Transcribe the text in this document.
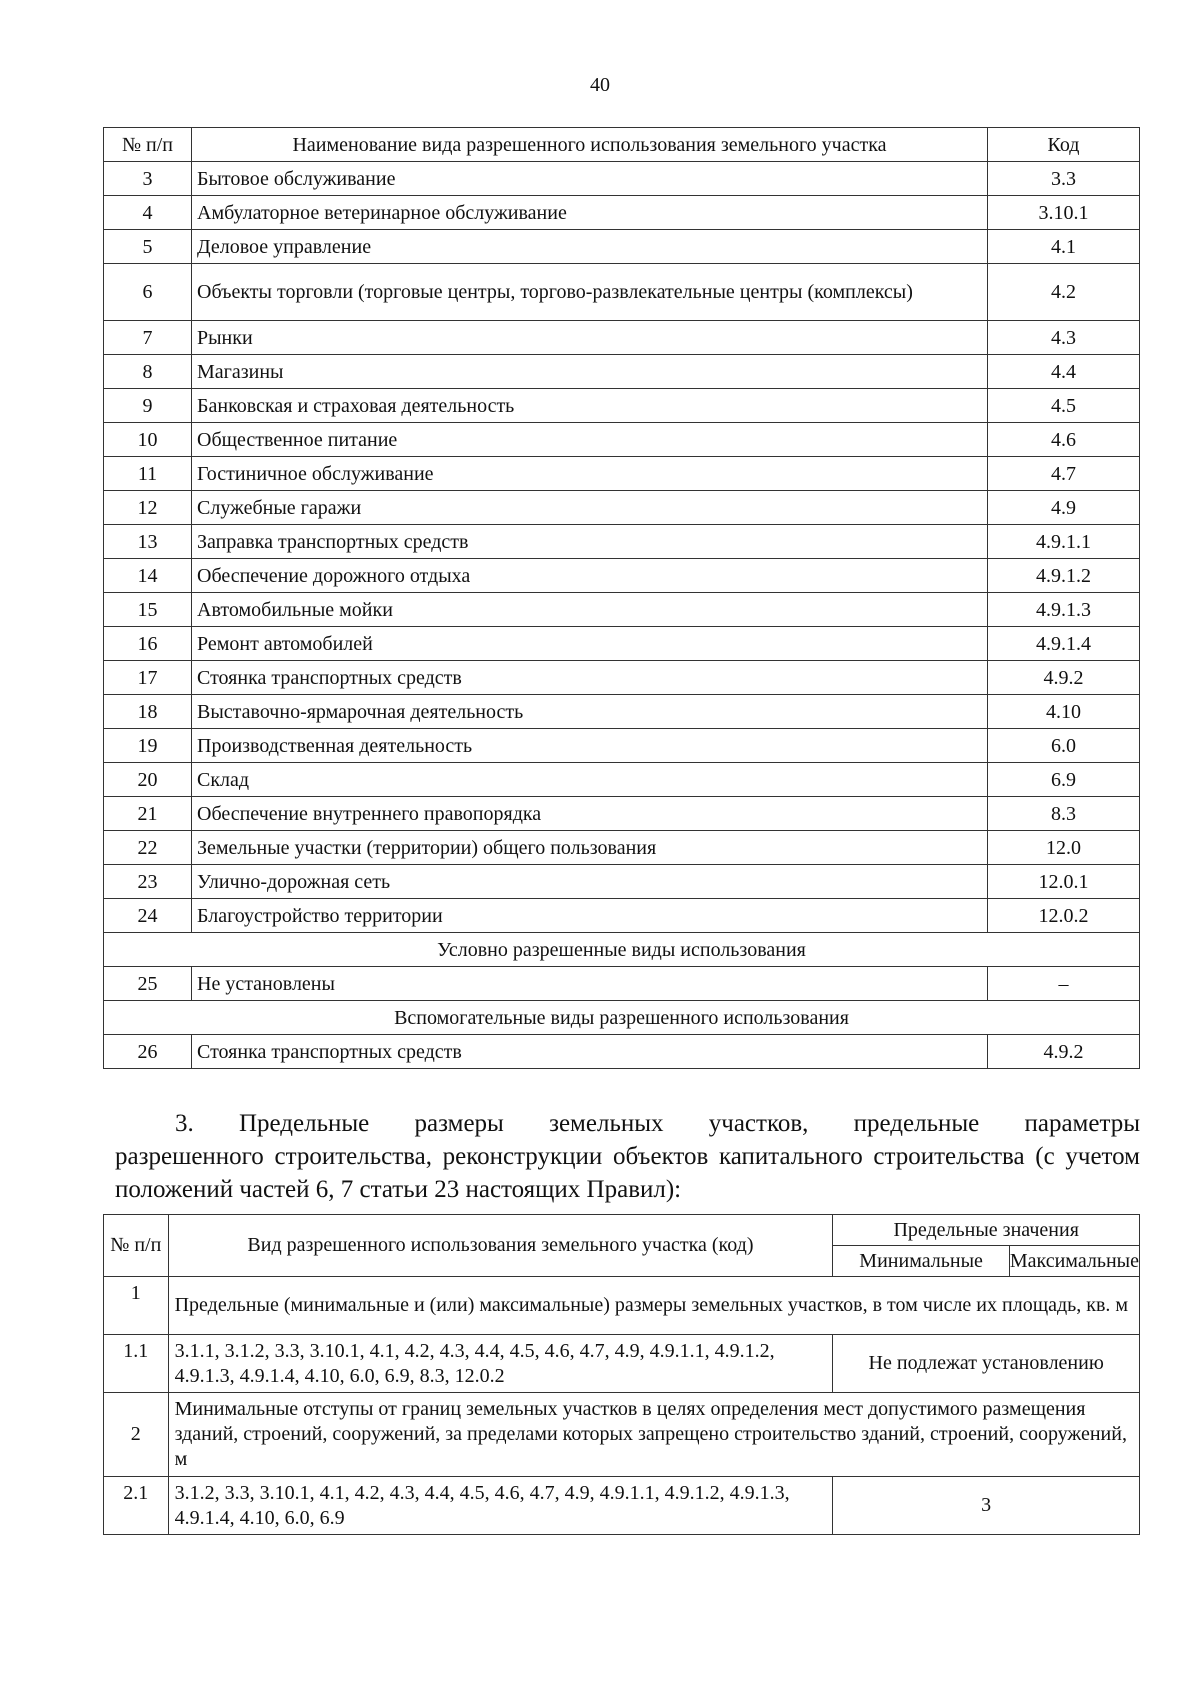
40
№ п/п	Наименование вида разрешенного использования земельного участка	Код
3	Бытовое обслуживание	3.3
4	Амбулаторное ветеринарное обслуживание	3.10.1
5	Деловое управление	4.1
6	Объекты торговли (торговые центры, торгово-развлекательные центры (комплексы)	4.2
7	Рынки	4.3
8	Магазины	4.4
9	Банковская и страховая деятельность	4.5
10	Общественное питание	4.6
11	Гостиничное обслуживание	4.7
12	Служебные гаражи	4.9
13	Заправка транспортных средств	4.9.1.1
14	Обеспечение дорожного отдыха	4.9.1.2
15	Автомобильные мойки	4.9.1.3
16	Ремонт автомобилей	4.9.1.4
17	Стоянка транспортных средств	4.9.2
18	Выставочно-ярмарочная деятельность	4.10
19	Производственная деятельность	6.0
20	Склад	6.9
21	Обеспечение внутреннего правопорядка	8.3
22	Земельные участки (территории) общего пользования	12.0
23	Улично-дорожная сеть	12.0.1
24	Благоустройство территории	12.0.2
Условно разрешенные виды использования		
25	Не установлены	–
Вспомогательные виды разрешенного использования		
26	Стоянка транспортных средств	4.9.2
3. Предельные размеры земельных участков, предельные параметры
разрешенного строительства, реконструкции объектов капитального строительства (с учетом положений частей 6, 7 статьи 23 настоящих Правил):
№ п/п	Вид разрешенного использования земельного участка (код)	Предельные значения	
		Минимальные	Максимальные
1	Предельные (минимальные и (или) максимальные) размеры земельных участков, в том числе их площадь, кв. м		
1.1	3.1.1, 3.1.2, 3.3, 3.10.1, 4.1, 4.2, 4.3, 4.4, 4.5, 4.6, 4.7, 4.9, 4.9.1.1, 4.9.1.2, 4.9.1.3, 4.9.1.4, 4.10, 6.0, 6.9, 8.3, 12.0.2	Не подлежат установлению	
2	Минимальные отступы от границ земельных участков в целях определения мест допустимого размещения зданий, строений, сооружений, за пределами которых запрещено строительство зданий, строений, сооружений, м		
2.1	3.1.2, 3.3, 3.10.1, 4.1, 4.2, 4.3, 4.4, 4.5, 4.6, 4.7, 4.9, 4.9.1.1, 4.9.1.2, 4.9.1.3, 4.9.1.4, 4.10, 6.0, 6.9	3	
